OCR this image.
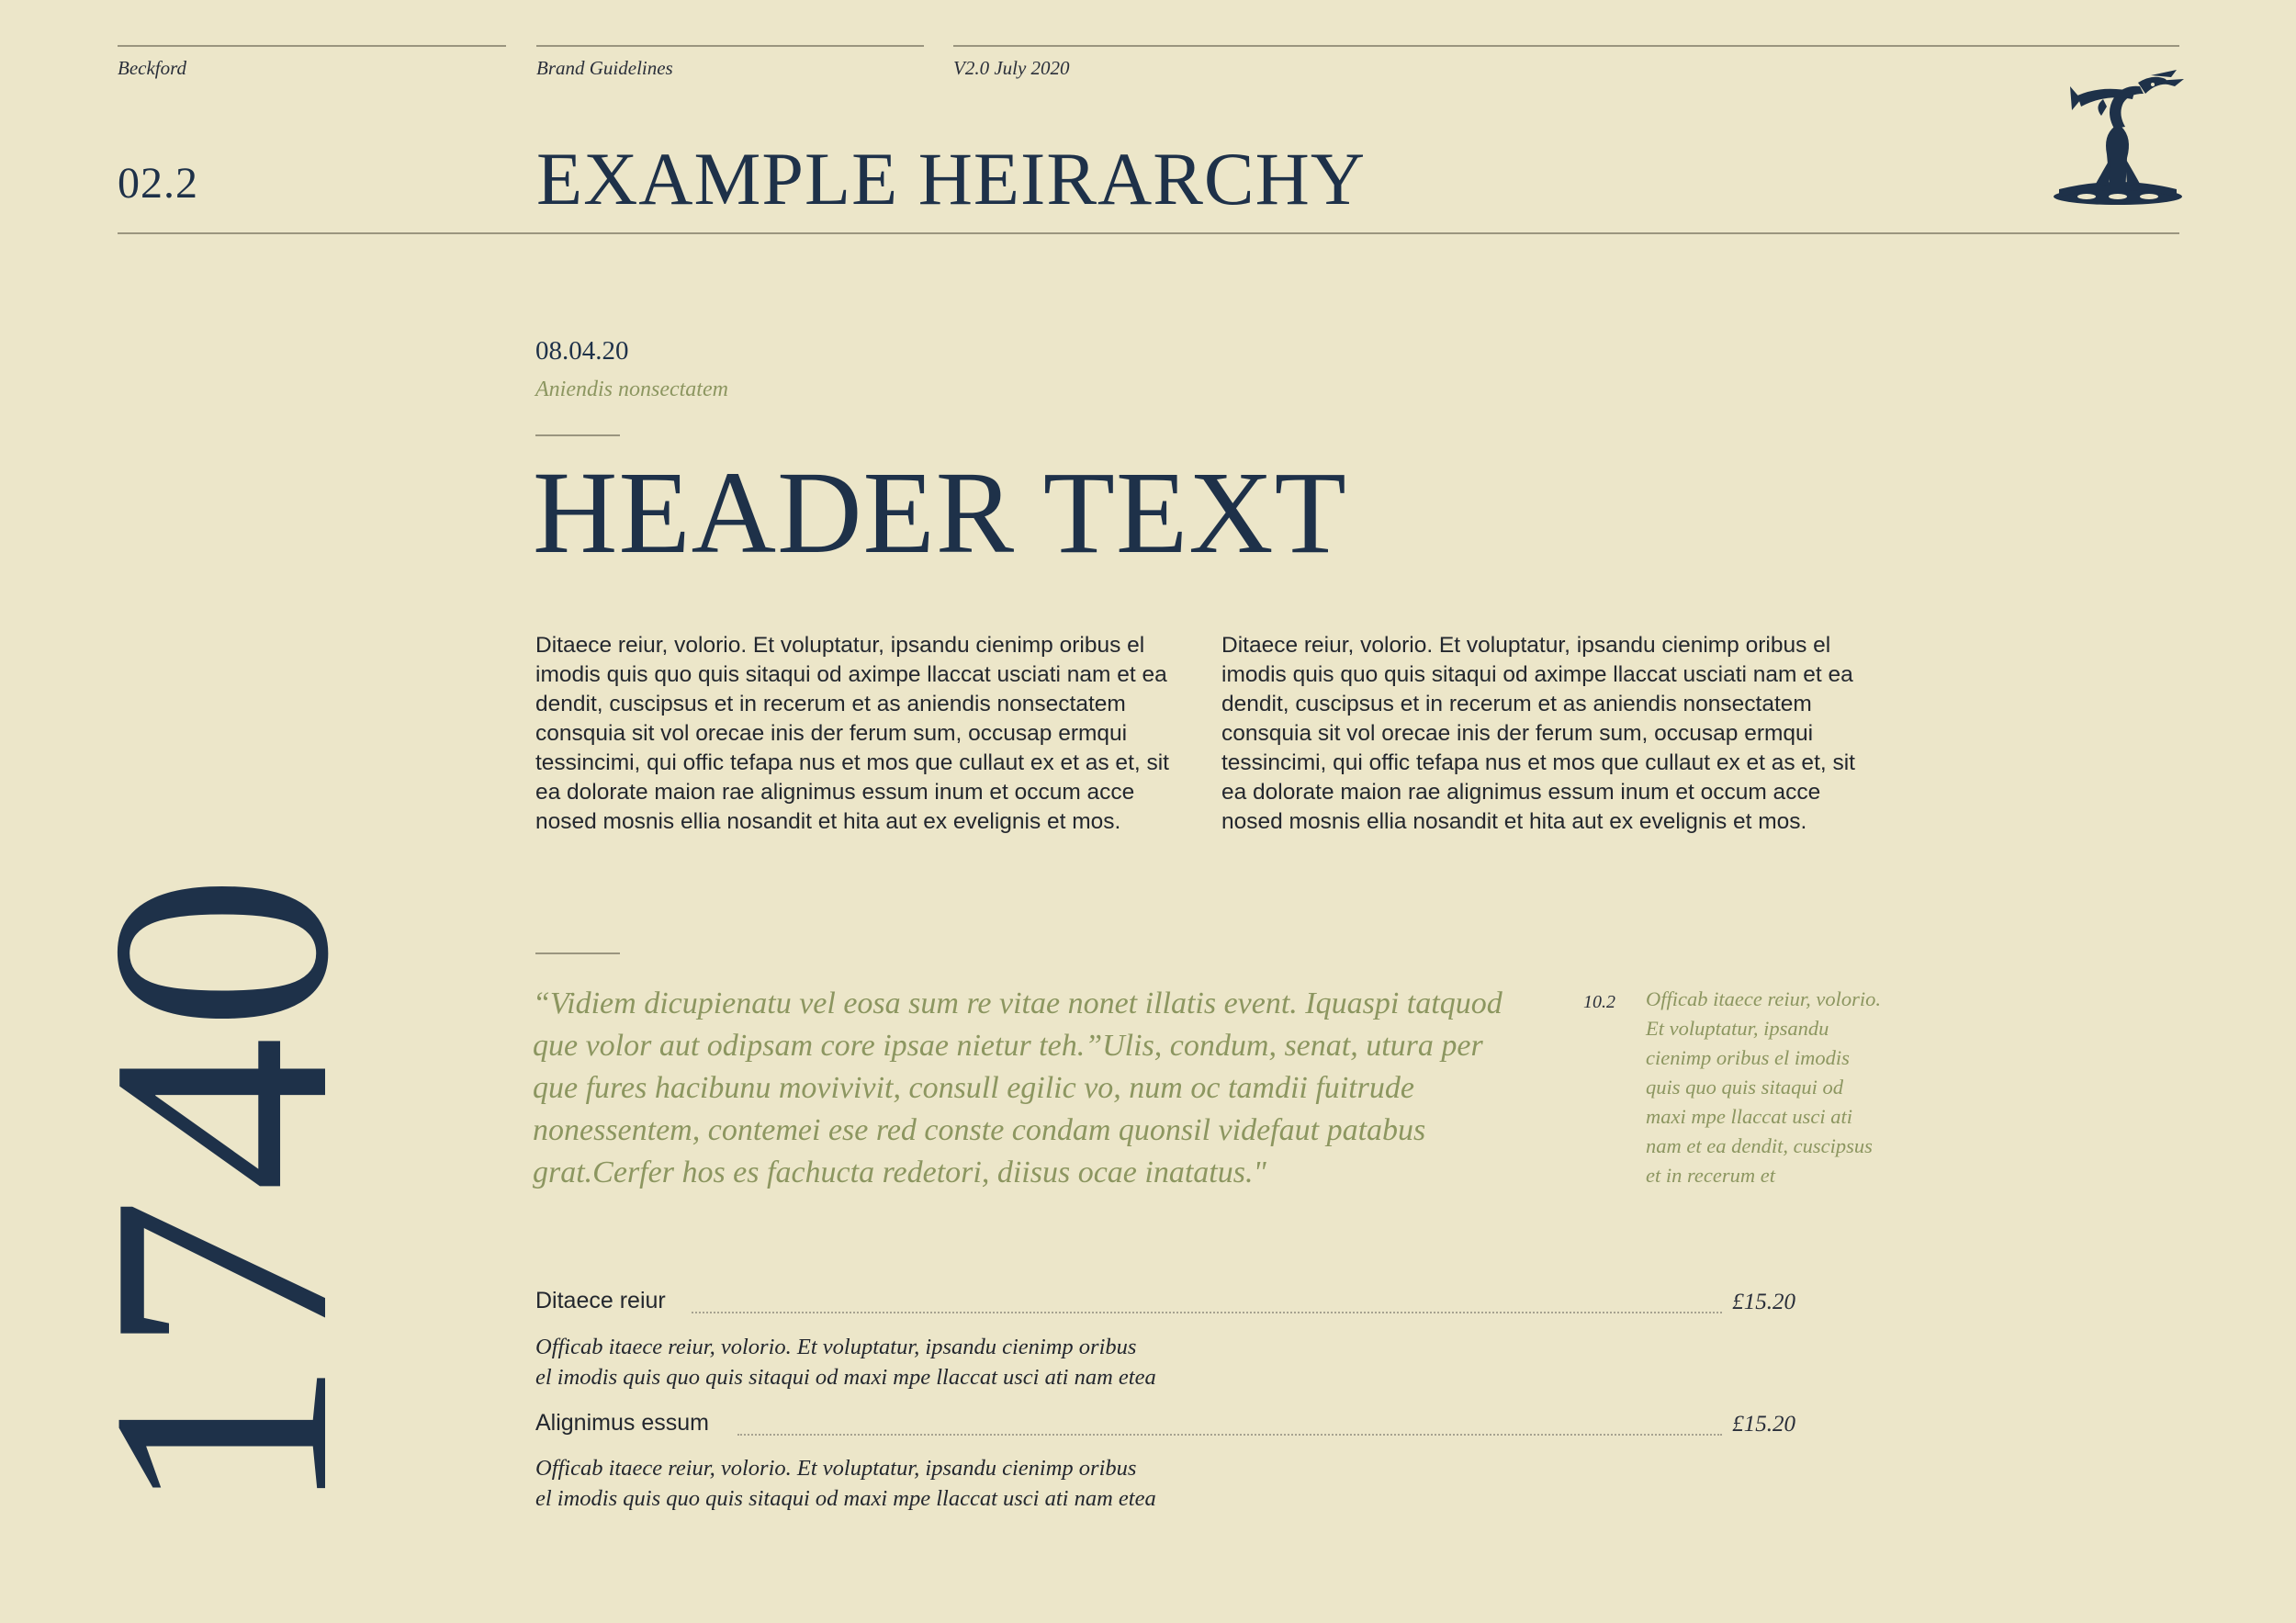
Beckford	Brand Guidelines	V2.0 July 2020
02.2	EXAMPLE HEIRARCHY
1740
08.04.20
Aniendis nonsectatem
HEADER TEXT
Ditaece reiur, volorio. Et voluptatur, ipsandu cienimp oribus el imodis quis quo quis sitaqui od aximpe llaccat usciati nam et ea dendit, cuscipsus et in recerum et as aniendis nonsectatem consquia sit vol orecae inis der ferum sum, occusap ermqui tessincimi, qui offic tefapa nus et mos que cullaut ex et as et, sit ea dolorate maion rae alignimus essum inum et occum acce nosed mosnis ellia nosandit et hita aut ex evelignis et mos.
Ditaece reiur, volorio. Et voluptatur, ipsandu cienimp oribus el imodis quis quo quis sitaqui od aximpe llaccat usciati nam et ea dendit, cuscipsus et in recerum et as aniendis nonsectatem consquia sit vol orecae inis der ferum sum, occusap ermqui tessincimi, qui offic tefapa nus et mos que cullaut ex et as et, sit ea dolorate maion rae alignimus essum inum et occum acce nosed mosnis ellia nosandit et hita aut ex evelignis et mos.
“Vidiem dicupienatu vel eosa sum re vitae nonet illatis event. Iquaspi tatquod que volor aut odipsam core ipsae nietur teh.”Ulis, condum, senat, utura per que fures hacibunu movivivit, consull egilic vo, num oc tamdii fuitrude nonessentem, contemei ese red conste condam quonsil videfaut patabus grat.Cerfer hos es fachucta redetori, diisus ocae inatatus."
10.2 Officab itaece reiur, volorio. Et voluptatur, ipsandu cienimp oribus el imodis quis quo quis sitaqui od maxi mpe llaccat usci ati nam et ea dendit, cuscipsus et in recerum et
Ditaece reiur	£15.20
Officab itaece reiur, volorio. Et voluptatur, ipsandu cienimp oribus
el imodis quis quo quis sitaqui od maxi mpe llaccat usci ati nam etea
Alignimus essum	£15.20
Officab itaece reiur, volorio. Et voluptatur, ipsandu cienimp oribus
el imodis quis quo quis sitaqui od maxi mpe llaccat usci ati nam etea
